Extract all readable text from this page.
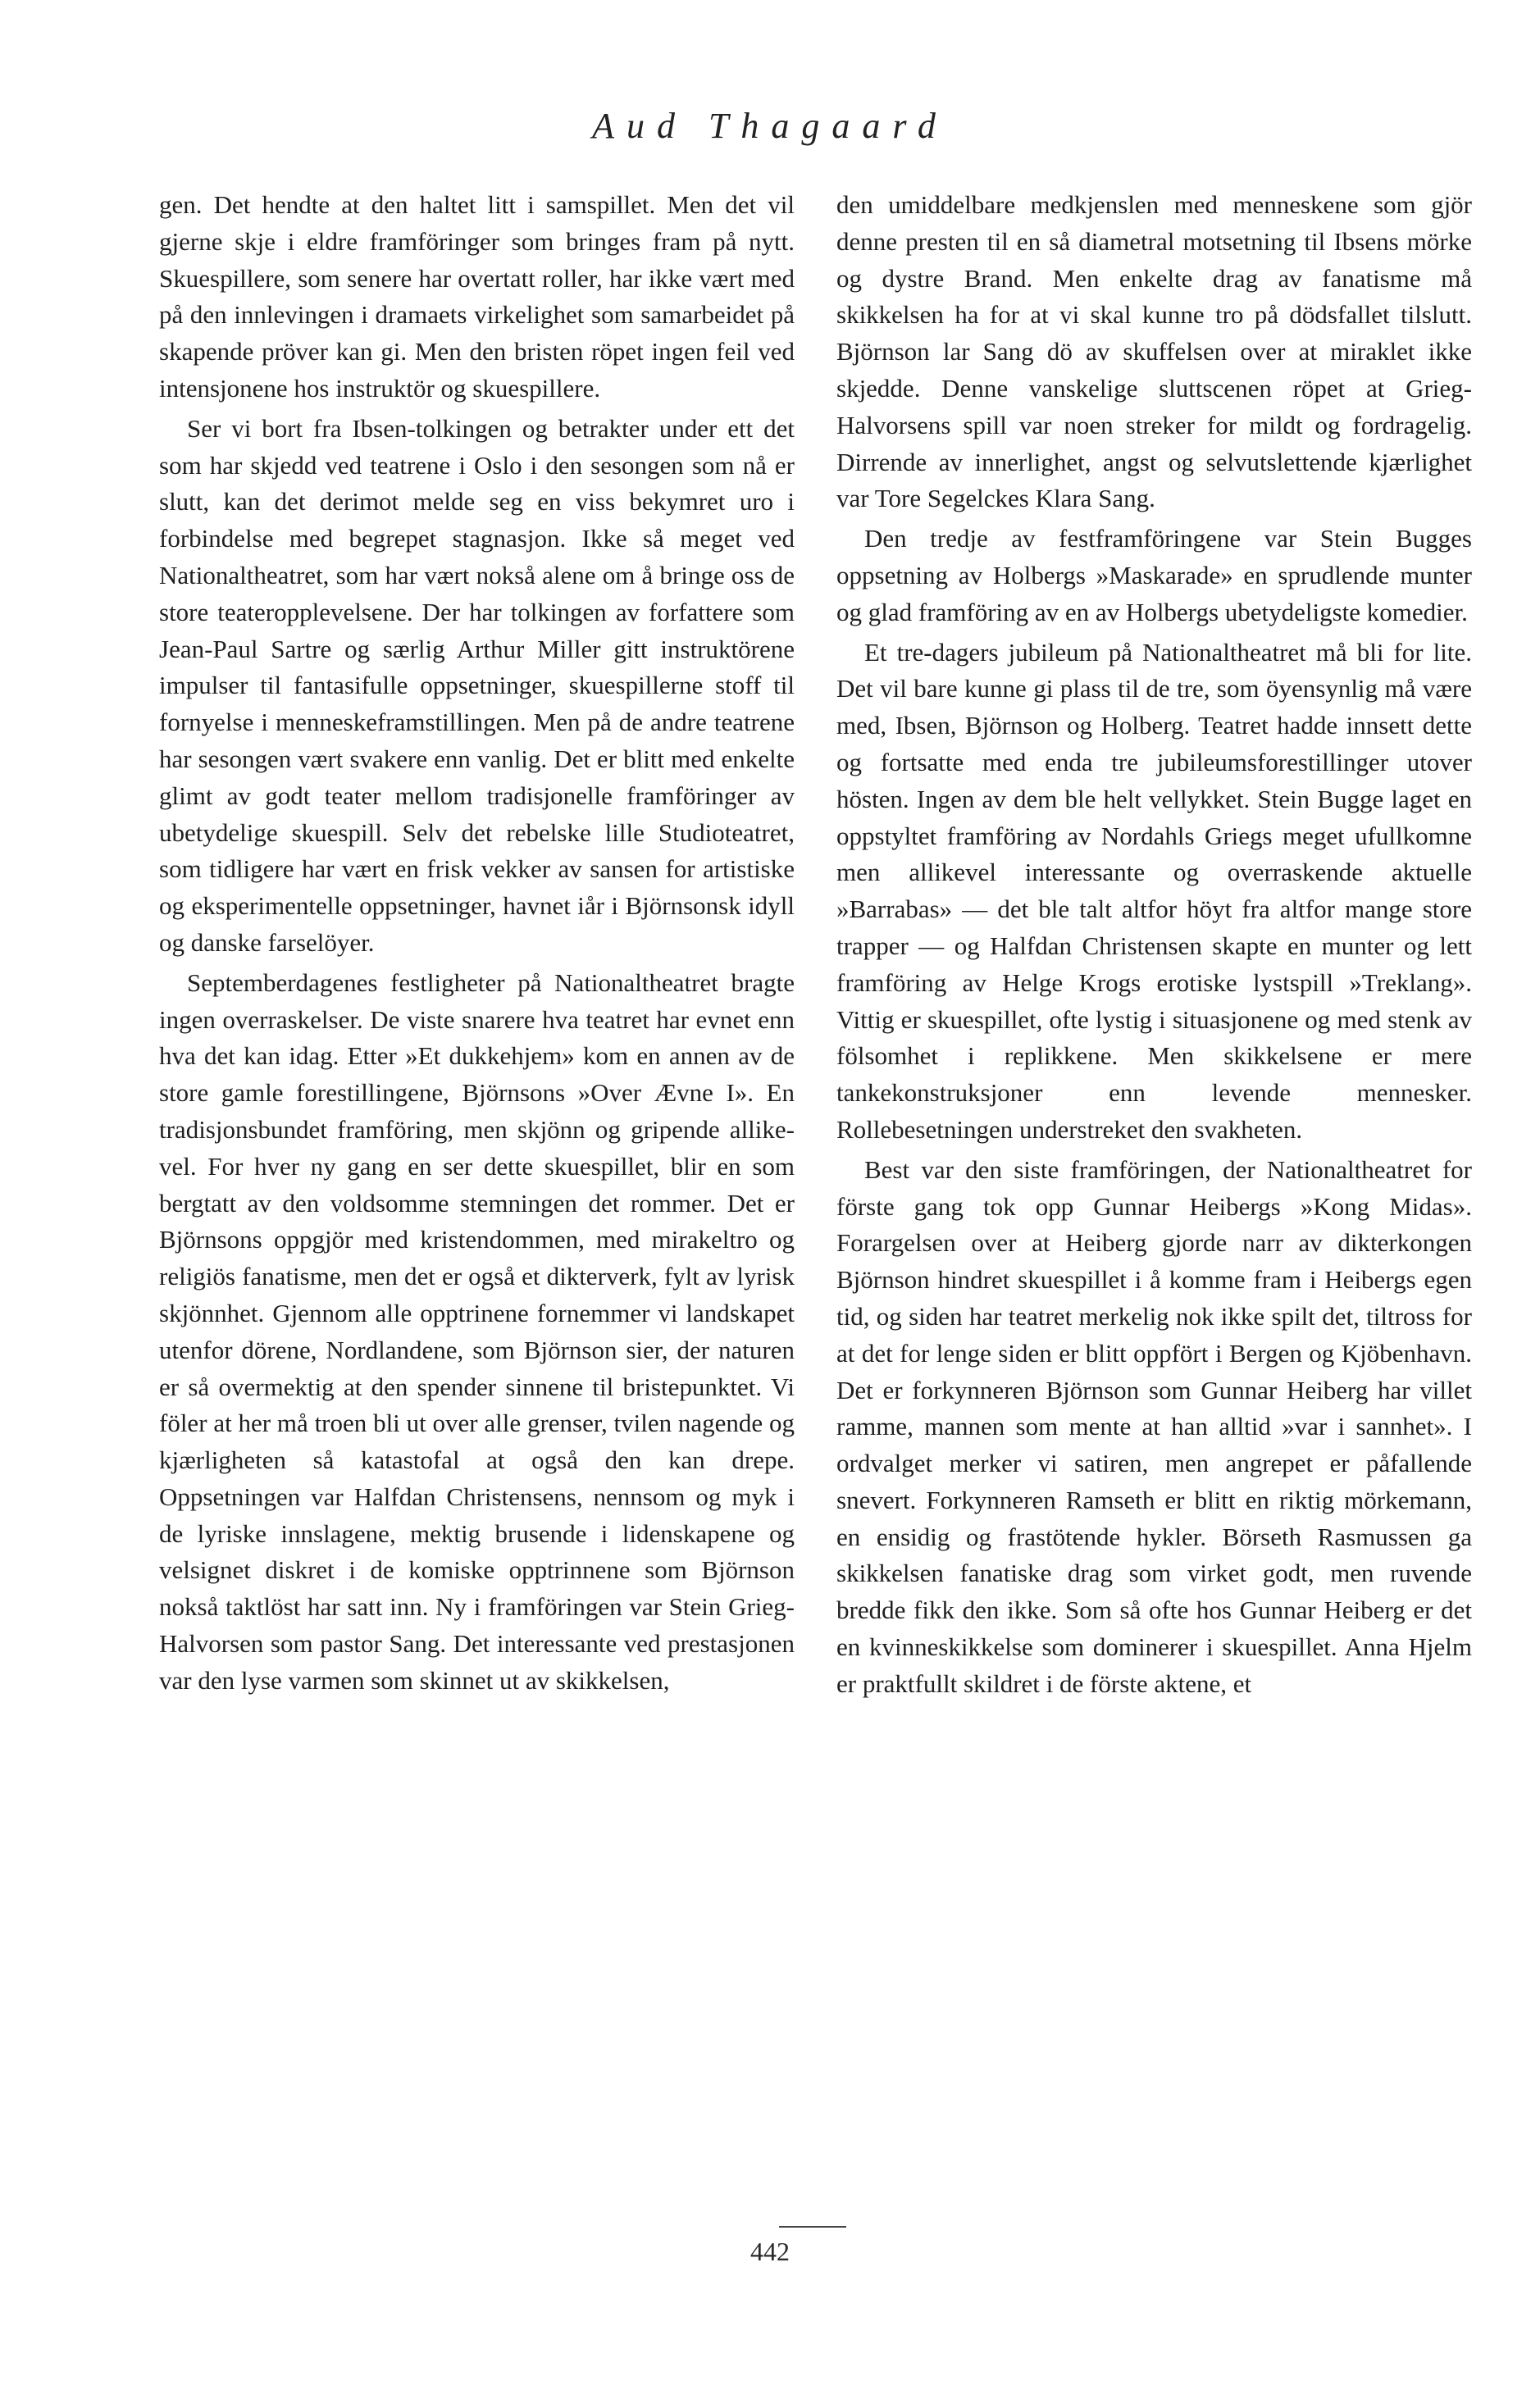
Aud Thagaard

gen. Det hendte at den haltet litt i samspillet. Men det vil gjerne skje i eldre framföringer som bringes fram på nytt. Skuespillere, som senere har overtatt roller, har ikke vært med på den innlevingen i dramaets virkelighet som samarbeidet på skapende pröver kan gi. Men den bristen röpet ingen feil ved intensjonene hos instruktör og skuespillere.

Ser vi bort fra Ibsen-tolkingen og betrakter under ett det som har skjedd ved teatrene i Oslo i den sesongen som nå er slutt, kan det derimot melde seg en viss bekymret uro i forbindelse med begrepet stagnasjon. Ikke så meget ved Nationaltheatret, som har vært nokså alene om å bringe oss de store teateropplevelsene. Der har tolkingen av forfattere som Jean-Paul Sartre og særlig Arthur Miller gitt instruktörene impulser til fantasifulle oppsetninger, skuespillerne stoff til fornyelse i menneskeframstillingen. Men på de andre teatrene har sesongen vært svakere enn vanlig. Det er blitt med enkelte glimt av godt teater mellom tradisjonelle framföringer av ubetydelige skuespill. Selv det rebelske lille Studioteatret, som tidligere har vært en frisk vekker av sansen for artistiske og eksperimentelle oppsetninger, havnet iår i Björnsonsk idyll og danske farselöyer.

Septemberdagenes festligheter på Nationaltheatret bragte ingen overraskelser. De viste snarere hva teatret har evnet enn hva det kan idag. Etter »Et dukkehjem» kom en annen av de store gamle forestillingene, Björnsons »Over Ævne I». En tradisjonsbundet framföring, men skjönn og gripende allikevel. For hver ny gang en ser dette skuespillet, blir en som bergtatt av den voldsomme stemningen det rommer. Det er Björnsons oppgjör med kristendommen, med mirakeltro og religiös fanatisme, men det er også et dikterverk, fylt av lyrisk skjönnhet. Gjennom alle opptrinene fornemmer vi landskapet utenfor dörene, Nordlandene, som Björnson sier, der naturen er så overmektig at den spender sinnene til bristepunktet. Vi föler at her må troen bli ut over alle grenser, tvilen nagende og kjærligheten så katastofal at også den kan drepe. Oppsetningen var Halfdan Christensens, nennsom og myk i de lyriske innslagene, mektig brusende i lidenskapene og velsignet diskret i de komiske opptrinnene som Björnson nokså taktlöst har satt inn. Ny i framföringen var Stein Grieg-Halvorsen som pastor Sang. Det interessante ved prestasjonen var den lyse varmen som skinnet ut av skikkelsen,

den umiddelbare medkjenslen med menneskene som gjör denne presten til en så diametral motsetning til Ibsens mörke og dystre Brand. Men enkelte drag av fanatisme må skikkelsen ha for at vi skal kunne tro på dödsfallet tilslutt. Björnson lar Sang dö av skuffelsen over at miraklet ikke skjedde. Denne vanskelige sluttscenen röpet at Grieg-Halvorsens spill var noen streker for mildt og fordragelig. Dirrende av innerlighet, angst og selvutslettende kjærlighet var Tore Segelckes Klara Sang.

Den tredje av festframföringene var Stein Bugges oppsetning av Holbergs »Maskarade» en sprudlende munter og glad framföring av en av Holbergs ubetydeligste komedier.

Et tre-dagers jubileum på Nationaltheatret må bli for lite. Det vil bare kunne gi plass til de tre, som öyensynlig må være med, Ibsen, Björnson og Holberg. Teatret hadde innsett dette og fortsatte med enda tre jubileumsforestillinger utover hösten. Ingen av dem ble helt vellykket. Stein Bugge laget en oppstyltet framföring av Nordahls Griegs meget ufullkomne men allikevel interessante og overraskende aktuelle »Barrabas» — det ble talt altfor höyt fra altfor mange store trapper — og Halfdan Christensen skapte en munter og lett framföring av Helge Krogs erotiske lystspill »Treklang». Vittig er skuespillet, ofte lystig i situasjonene og med stenk av fölsomhet i replikkene. Men skikkelsene er mere tankekonstruksjoner enn levende mennesker. Rollebesetningen understreket den svakheten.

Best var den siste framföringen, der Nationaltheatret for förste gang tok opp Gunnar Heibergs »Kong Midas». Forargelsen over at Heiberg gjorde narr av dikterkongen Björnson hindret skuespillet i å komme fram i Heibergs egen tid, og siden har teatret merkelig nok ikke spilt det, tiltross for at det for lenge siden er blitt oppfört i Bergen og Kjöbenhavn. Det er forkynneren Björnson som Gunnar Heiberg har villet ramme, mannen som mente at han alltid »var i sannhet». I ordvalget merker vi satiren, men angrepet er påfallende snevert. Forkynneren Ramseth er blitt en riktig mörkemann, en ensidig og frastötende hykler. Börseth Rasmussen ga skikkelsen fanatiske drag som virket godt, men ruvende bredde fikk den ikke. Som så ofte hos Gunnar Heiberg er det en kvinneskikkelse som dominerer i skuespillet. Anna Hjelm er praktfullt skildret i de förste aktene, et

442
